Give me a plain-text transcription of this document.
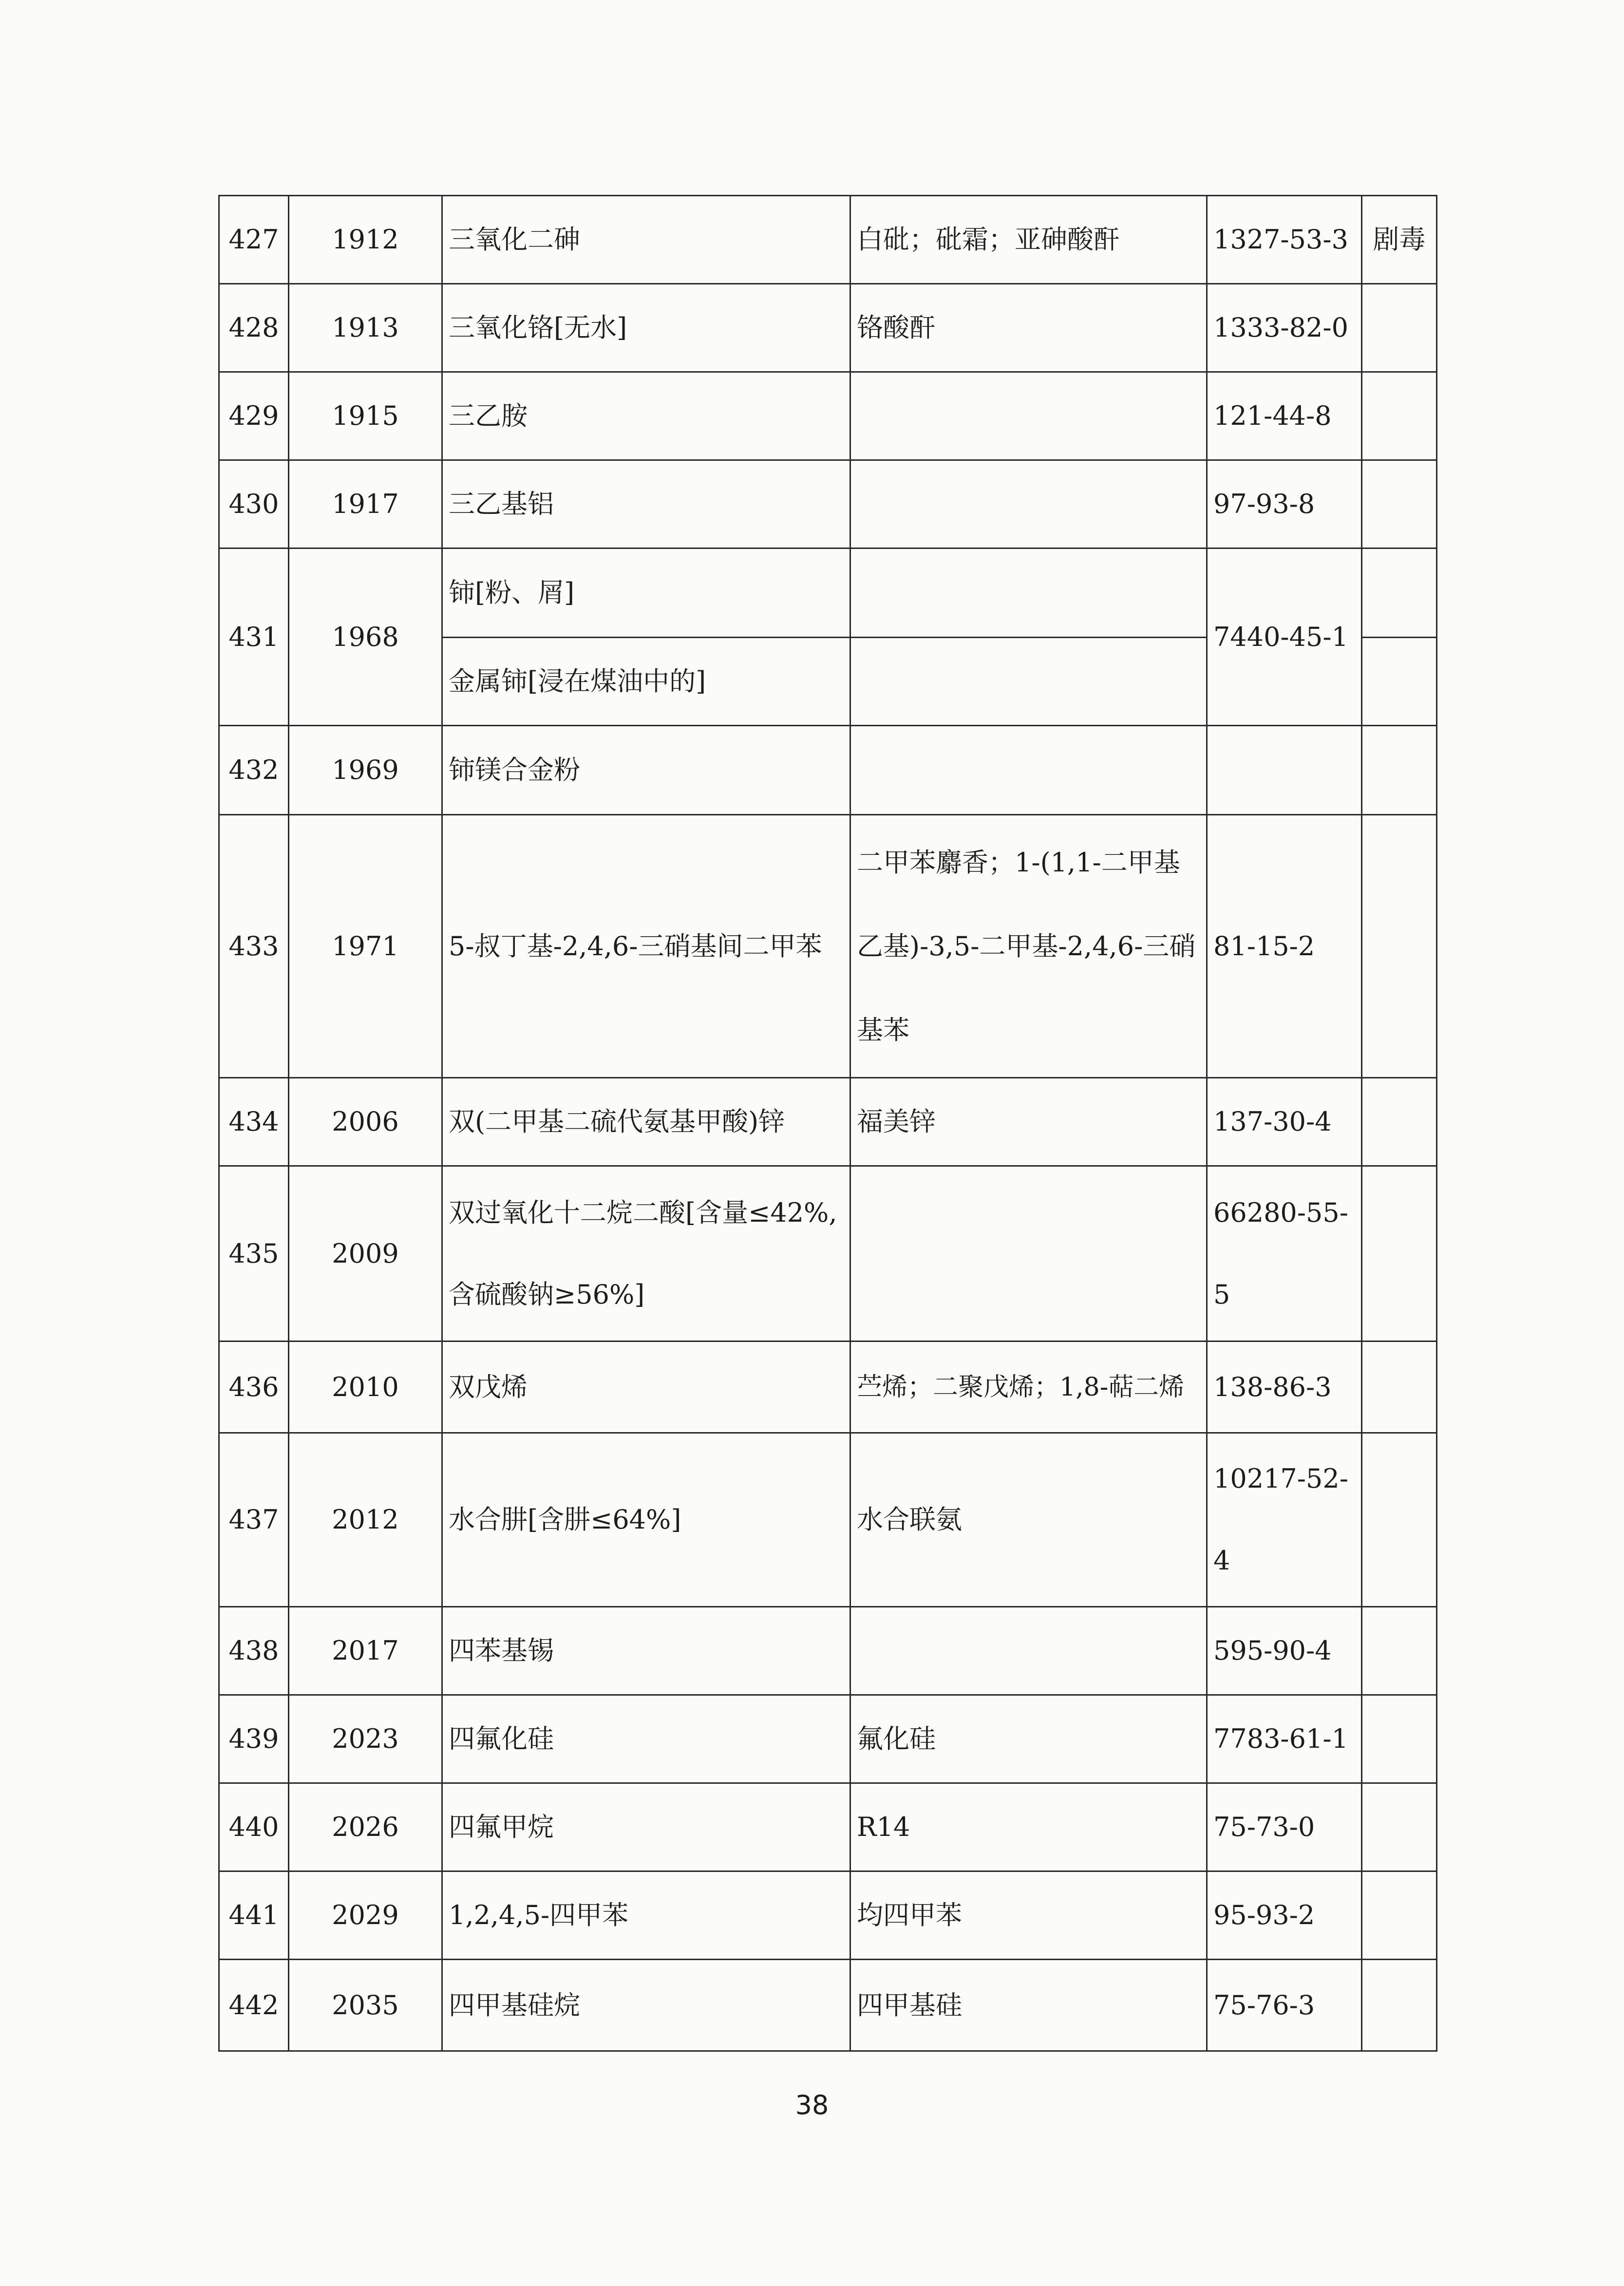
427	1912	三氧化二砷	白砒；砒霜；亚砷酸酐	1327-53-3	剧毒
428	1913	三氧化铬[无水]	铬酸酐	1333-82-0	
429	1915	三乙胺		121-44-8	
430	1917	三乙基铝		97-93-8	
431	1968	铈[粉、屑]		7440-45-1	
		金属铈[浸在煤油中的]			
432	1969	铈镁合金粉			
433	1971	5-叔丁基-2,4,6-三硝基间二甲苯	二甲苯麝香；1-(1,1-二甲基乙基)-3,5-二甲基-2,4,6-三硝基苯	81-15-2	
434	2006	双(二甲基二硫代氨基甲酸)锌	福美锌	137-30-4	
435	2009	双过氧化十二烷二酸[含量≤42%,含硫酸钠≥56%]		66280-55-5	
436	2010	双戊烯	苎烯；二聚戊烯；1,8-萜二烯	138-86-3	
437	2012	水合肼[含肼≤64%]	水合联氨	10217-52-4	
438	2017	四苯基锡		595-90-4	
439	2023	四氟化硅	氟化硅	7783-61-1	
440	2026	四氟甲烷	R14	75-73-0	
441	2029	1,2,4,5-四甲苯	均四甲苯	95-93-2	
442	2035	四甲基硅烷	四甲基硅	75-76-3	
38
